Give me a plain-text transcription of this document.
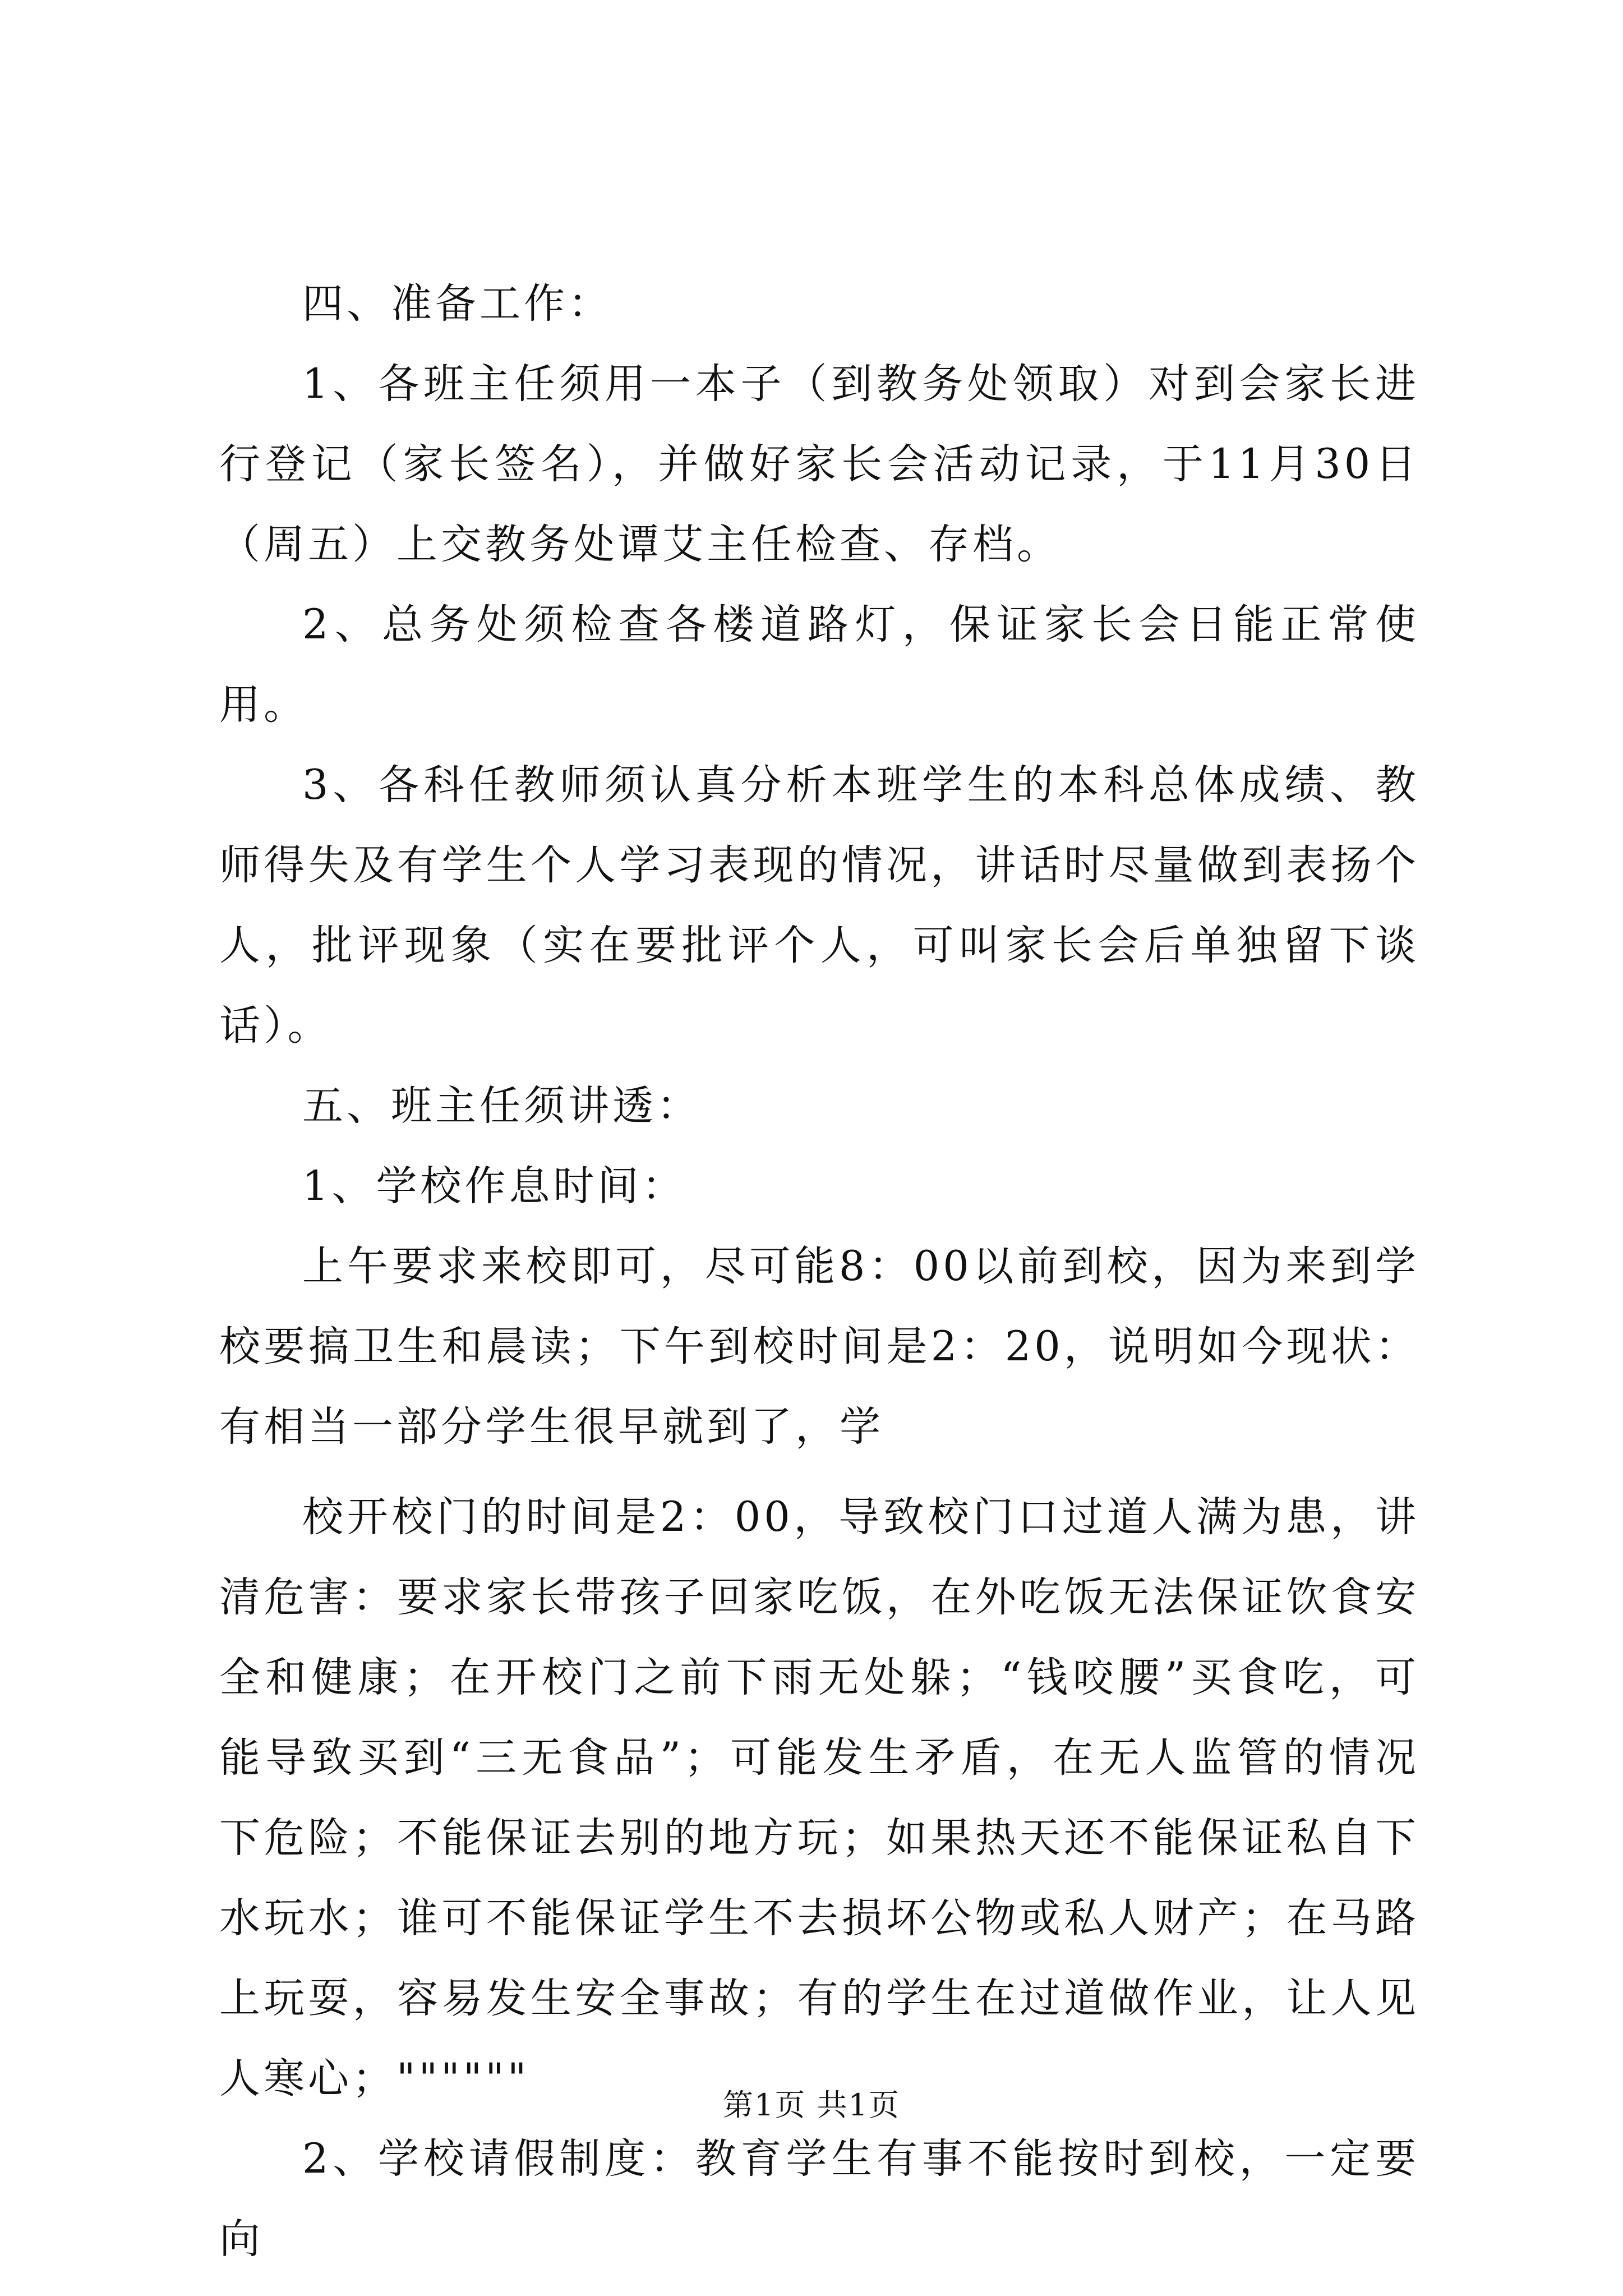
四、准备工作：

1、各班主任须用一本子（到教务处领取）对到会家长进行登记（家长签名），并做好家长会活动记录，于11月30日（周五）上交教务处谭艾主任检查、存档。

2、总务处须检查各楼道路灯，保证家长会日能正常使用。

3、各科任教师须认真分析本班学生的本科总体成绩、教师得失及有学生个人学习表现的情况，讲话时尽量做到表扬个人，批评现象（实在要批评个人，可叫家长会后单独留下谈话）。

五、班主任须讲透：

1、学校作息时间：

上午要求来校即可，尽可能8：00以前到校，因为来到学校要搞卫生和晨读；下午到校时间是2：20，说明如今现状：有相当一部分学生很早就到了，学

校开校门的时间是2：00，导致校门口过道人满为患，讲清危害：要求家长带孩子回家吃饭，在外吃饭无法保证饮食安全和健康；在开校门之前下雨无处躲；“钱咬腰”买食吃，可能导致买到“三无食品”；可能发生矛盾，在无人监管的情况下危险；不能保证去别的地方玩；如果热天还不能保证私自下水玩水；谁可不能保证学生不去损坏公物或私人财产；在马路上玩耍，容易发生安全事故；有的学生在过道做作业，让人见人寒心；""""""

2、学校请假制度：教育学生有事不能按时到校，一定要向

第1页 共1页
